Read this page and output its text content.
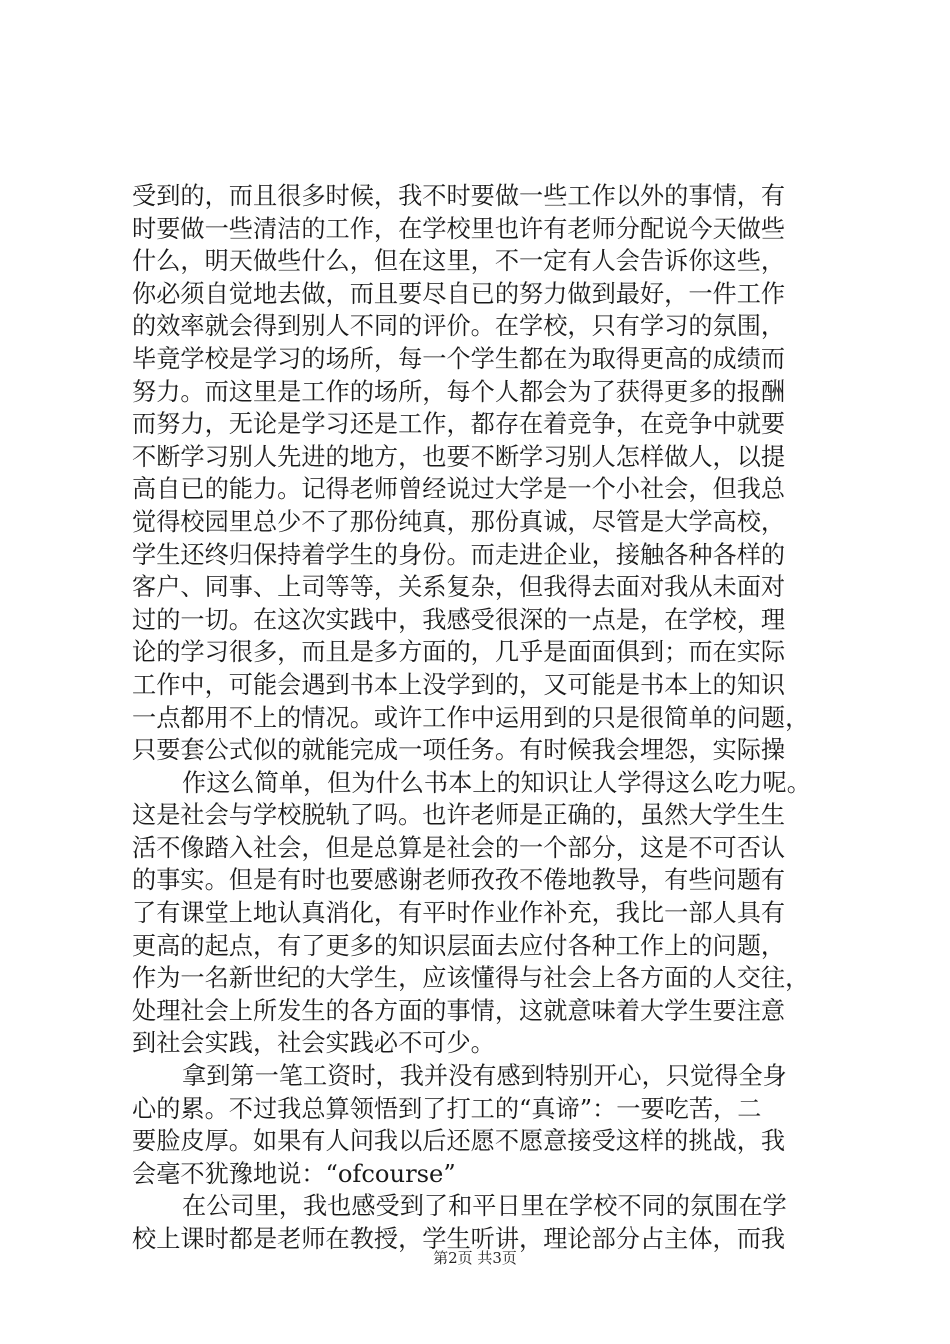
受到的，而且很多时候，我不时要做一些工作以外的事情，有
时要做一些清洁的工作，在学校里也许有老师分配说今天做些
什么，明天做些什么，但在这里，不一定有人会告诉你这些，
你必须自觉地去做，而且要尽自已的努力做到最好，一件工作
的效率就会得到别人不同的评价。在学校，只有学习的氛围，
毕竟学校是学习的场所，每一个学生都在为取得更高的成绩而
努力。而这里是工作的场所，每个人都会为了获得更多的报酬
而努力，无论是学习还是工作，都存在着竞争，在竞争中就要
不断学习别人先进的地方，也要不断学习别人怎样做人，以提
高自已的能力。记得老师曾经说过大学是一个小社会，但我总
觉得校园里总少不了那份纯真，那份真诚，尽管是大学高校，
学生还终归保持着学生的身份。而走进企业，接触各种各样的
客户、同事、上司等等，关系复杂，但我得去面对我从未面对
过的一切。在这次实践中，我感受很深的一点是，在学校，理
论的学习很多，而且是多方面的，几乎是面面俱到；而在实际
工作中，可能会遇到书本上没学到的，又可能是书本上的知识
一点都用不上的情况。或许工作中运用到的只是很简单的问题，
只要套公式似的就能完成一项任务。有时候我会埋怨，实际操
作这么简单，但为什么书本上的知识让人学得这么吃力呢。
这是社会与学校脱轨了吗。也许老师是正确的，虽然大学生生
活不像踏入社会，但是总算是社会的一个部分，这是不可否认
的事实。但是有时也要感谢老师孜孜不倦地教导，有些问题有
了有课堂上地认真消化，有平时作业作补充，我比一部人具有
更高的起点，有了更多的知识层面去应付各种工作上的问题，
作为一名新世纪的大学生，应该懂得与社会上各方面的人交往，
处理社会上所发生的各方面的事情，这就意味着大学生要注意
到社会实践，社会实践必不可少。
拿到第一笔工资时，我并没有感到特别开心，只觉得全身
心的累。不过我总算领悟到了打工的“真谛”：一要吃苦，二
要脸皮厚。如果有人问我以后还愿不愿意接受这样的挑战，我
会毫不犹豫地说：“ofcourse”
在公司里，我也感受到了和平日里在学校不同的氛围在学
校上课时都是老师在教授，学生听讲，理论部分占主体，而我
第2页 共3页
